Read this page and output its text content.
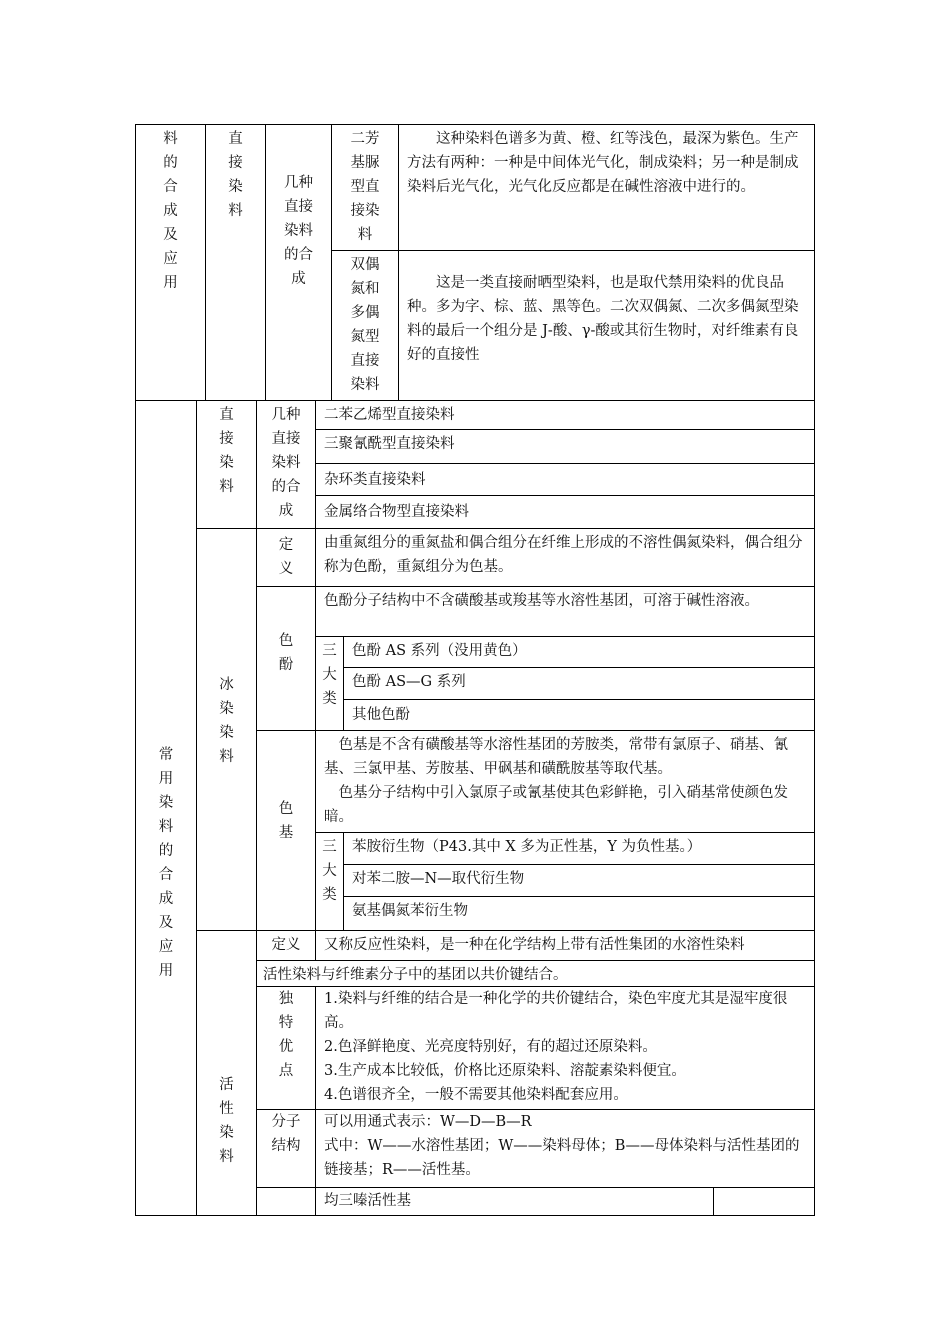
料
的
合
成
及
应
用
直
接
染
料
几种
直接
染料
的合
成
二芳
基脲
型直
接染
料
这种染料色谱多为黄、橙、红等浅色，最深为紫色。生产方法有两种：一种是中间体光气化，制成染料；另一种是制成染料后光气化，光气化反应都是在碱性溶液中进行的。
双偶
氮和
多偶
氮型
直接
染料
这是一类直接耐晒型染料，也是取代禁用染料的优良品种。多为字、棕、蓝、黑等色。二次双偶氮、二次多偶氮型染料的最后一个组分是 J-酸、γ-酸或其衍生物时，对纤维素有良好的直接性
常
用
染
料
的
合
成
及
应
用
直
接
染
料
几种
直接
染料
的合
成
二苯乙烯型直接染料
三聚氰酰型直接染料
杂环类直接染料
金属络合物型直接染料
冰
染
染
料
定
义
由重氮组分的重氮盐和偶合组分在纤维上形成的不溶性偶氮染料，偶合组分称为色酚，重氮组分为色基。
色
酚
色酚分子结构中不含磺酸基或羧基等水溶性基团，可溶于碱性溶液。
三
大
类
色酚 AS 系列（没用黄色）
色酚 AS—G 系列
其他色酚
色
基
色基是不含有磺酸基等水溶性基团的芳胺类，常带有氯原子、硝基、氰基、三氯甲基、芳胺基、甲砜基和磺酰胺基等取代基。
色基分子结构中引入氯原子或氰基使其色彩鲜艳，引入硝基常使颜色发暗。
三
大
类
苯胺衍生物（P43.其中 X 多为正性基，Y 为负性基。）
对苯二胺—N—取代衍生物
氨基偶氮苯衍生物
活
性
染
料
定义	又称反应性染料，是一种在化学结构上带有活性集团的水溶性染料
活性染料与纤维素分子中的基团以共价键结合。
独
特
优
点
1.染料与纤维的结合是一种化学的共价键结合，染色牢度尤其是湿牢度很高。
2.色泽鲜艳度、光亮度特别好，有的超过还原染料。
3.生产成本比较低，价格比还原染料、溶靛素染料便宜。
4.色谱很齐全，一般不需要其他染料配套应用。
分子
结构
可以用通式表示：W—D—B—R
式中：W——水溶性基团；W——染料母体；B——母体染料与活性基团的链接基；R——活性基。
均三嗪活性基
